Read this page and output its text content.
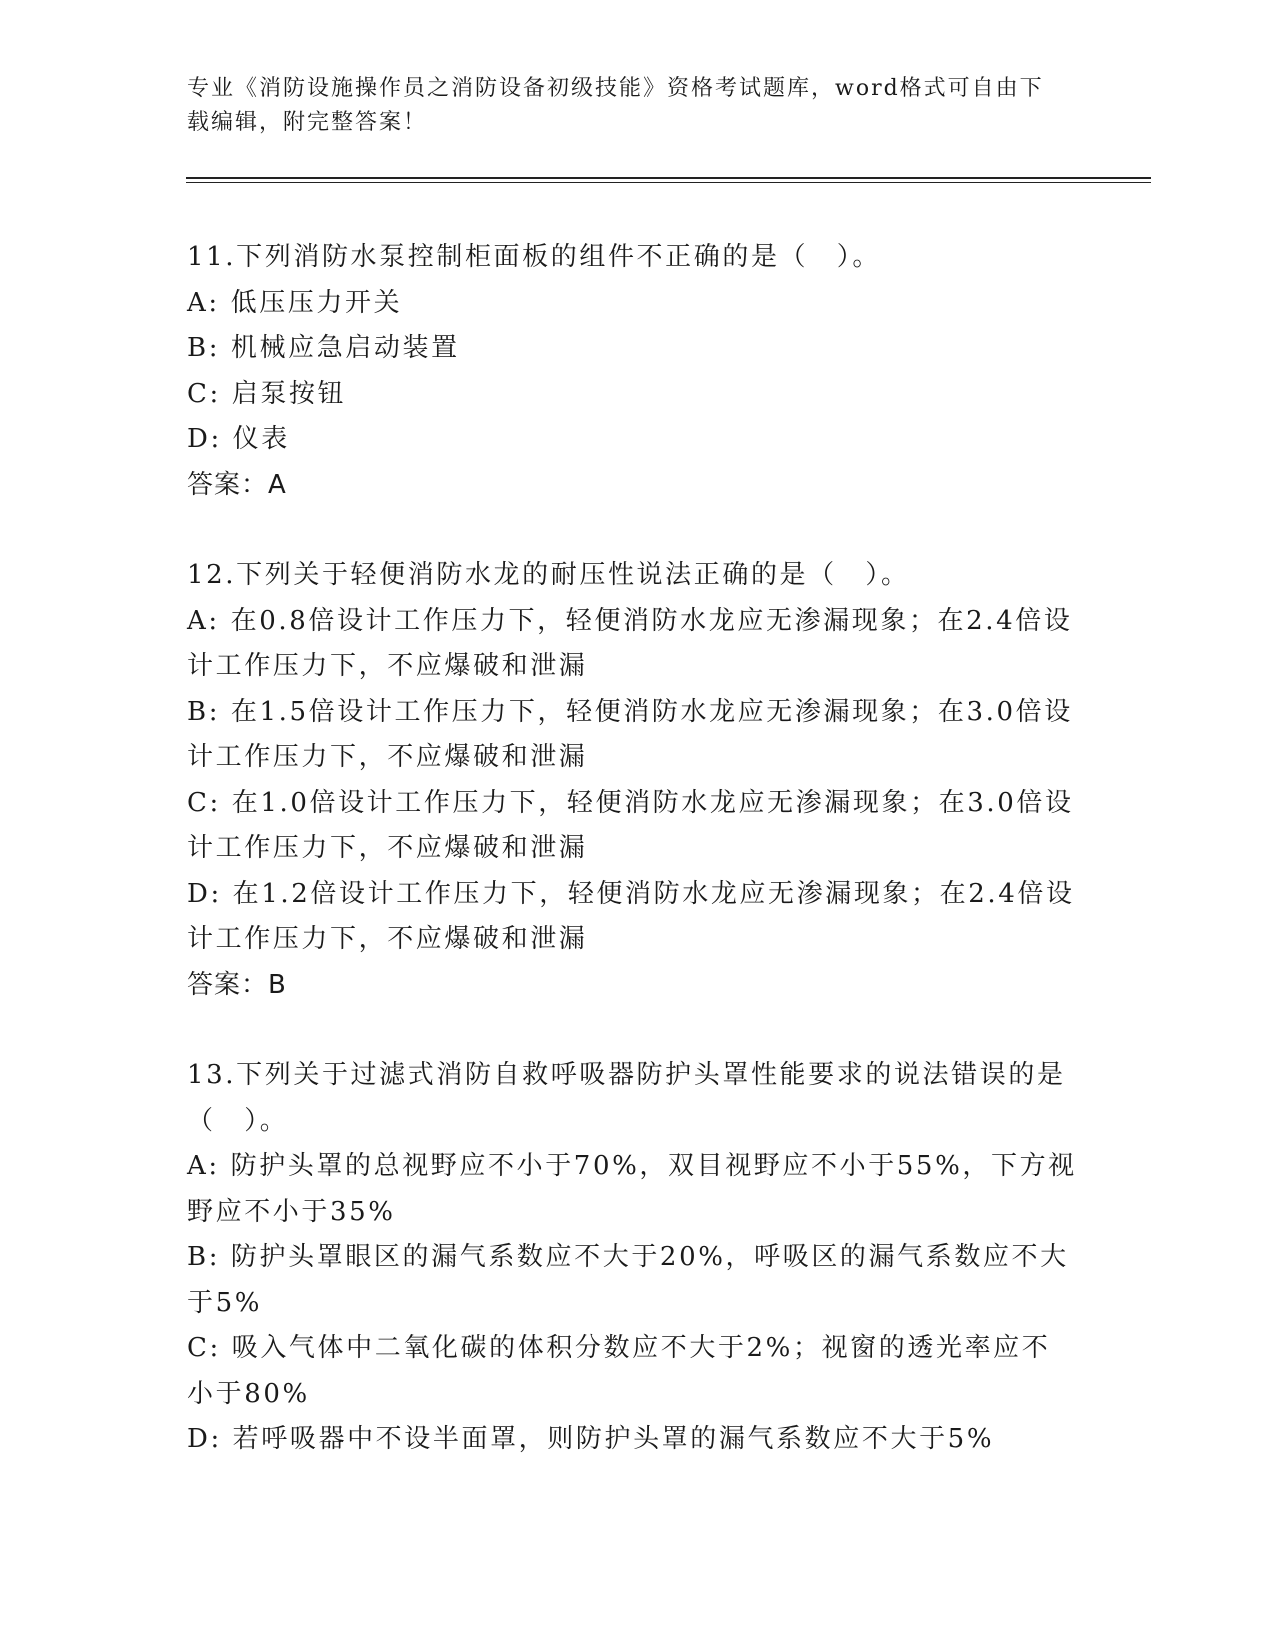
专业《消防设施操作员之消防设备初级技能》资格考试题库，word格式可自由下
载编辑，附完整答案！
11.下列消防水泵控制柜面板的组件不正确的是（　）。
A: 低压压力开关
B: 机械应急启动装置
C: 启泵按钮
D: 仪表
答案：A
12.下列关于轻便消防水龙的耐压性说法正确的是（　）。
A: 在0.8倍设计工作压力下，轻便消防水龙应无渗漏现象；在2.4倍设计工作压力下，不应爆破和泄漏
B: 在1.5倍设计工作压力下，轻便消防水龙应无渗漏现象；在3.0倍设计工作压力下，不应爆破和泄漏
C: 在1.0倍设计工作压力下，轻便消防水龙应无渗漏现象；在3.0倍设计工作压力下，不应爆破和泄漏
D: 在1.2倍设计工作压力下，轻便消防水龙应无渗漏现象；在2.4倍设计工作压力下，不应爆破和泄漏
答案：B
13.下列关于过滤式消防自救呼吸器防护头罩性能要求的说法错误的是（　）。
A: 防护头罩的总视野应不小于70%，双目视野应不小于55%，下方视野应不小于35%
B: 防护头罩眼区的漏气系数应不大于20%，呼吸区的漏气系数应不大于5%
C: 吸入气体中二氧化碳的体积分数应不大于2%；视窗的透光率应不小于80%
D: 若呼吸器中不设半面罩，则防护头罩的漏气系数应不大于5%
